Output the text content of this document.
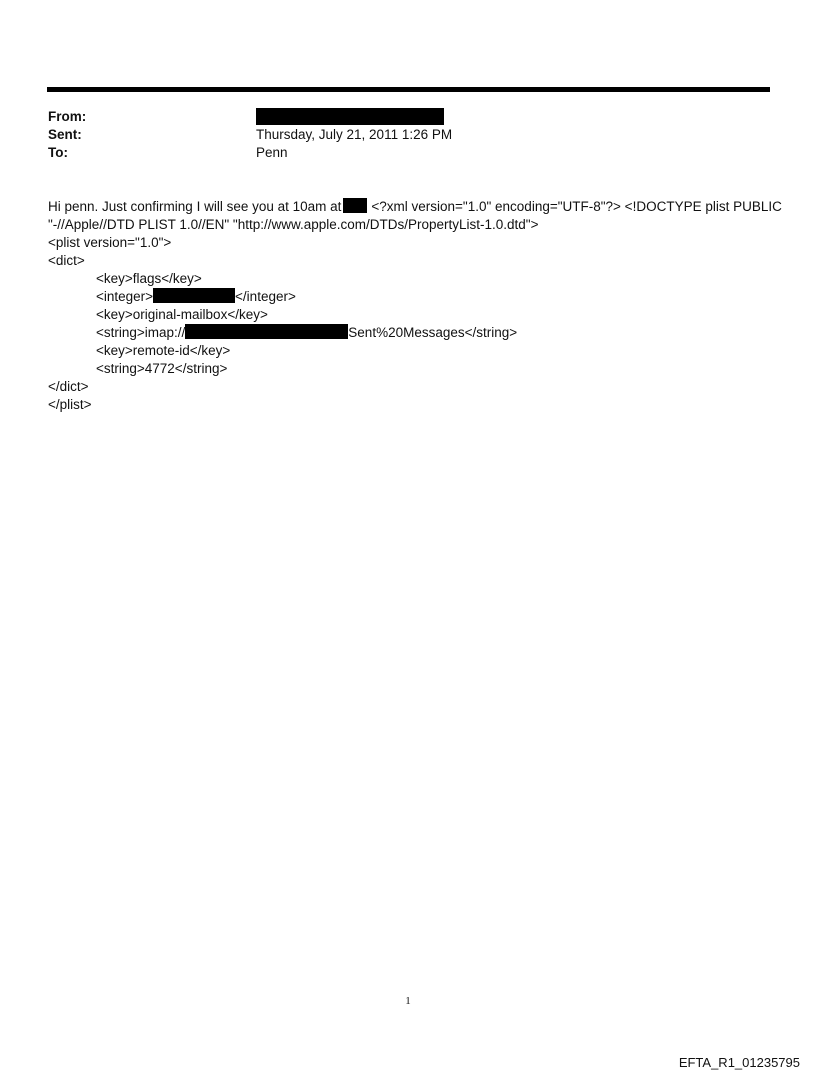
From:
Sent:	Thursday, July 21, 2011 1:26 PM
To:	Penn
Hi penn. Just confirming I will see you at 10am at <?xml version="1.0" encoding="UTF-8"?> <!DOCTYPE plist PUBLIC
"-//Apple//DTD PLIST 1.0//EN" "http://www.apple.com/DTDs/PropertyList-1.0.dtd">
<plist version="1.0">
<dict>
<key>flags</key>
<integer>	</integer>
<key>original-mailbox</key>
<string>imap://	Sent%20Messages</string>
<key>remote-id</key>
<string>4772</string>
</dict>
</plist>
1
EFTA_R1_01235795
